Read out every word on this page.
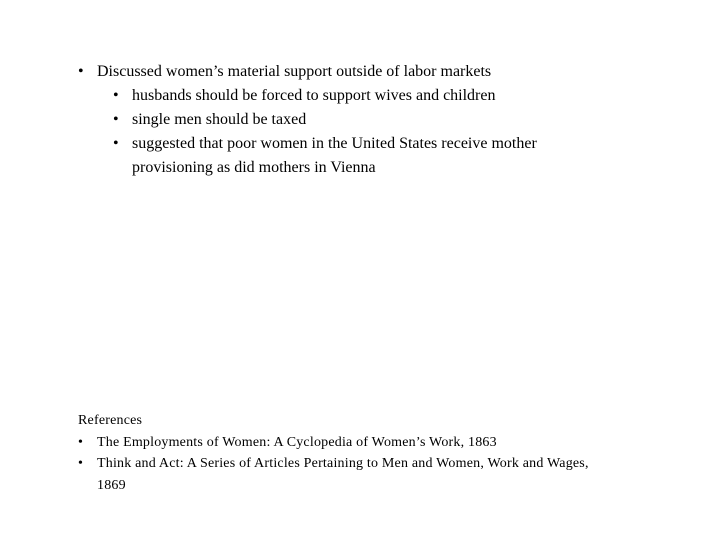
• Discussed women’s material support outside of labor markets
• husbands should be forced to support wives and children
• single men should be taxed
• suggested that poor women in the United States receive mother provisioning as did mothers in Vienna
References
• The Employments of Women: A Cyclopedia of Women’s Work, 1863
• Think and Act: A Series of Articles Pertaining to Men and Women, Work and Wages, 1869
